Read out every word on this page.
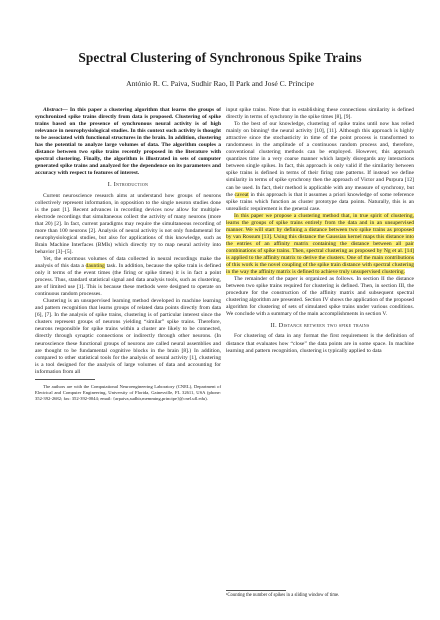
Spectral Clustering of Synchronous Spike Trains
António R. C. Paiva, Sudhir Rao, Il Park and José C. Príncipe

Abstract— In this paper a clustering algorithm that learns the groups of synchronized spike trains directly from data is proposed. Clustering of spike trains based on the presence of synchronous neural activity is of high relevance in neurophysiological studies. In this context such activity is thought to be associated with functional structures in the brain. In addition, clustering has the potential to analyze large volumes of data. The algorithm couples a distance between two spike trains recently proposed in the literature with spectral clustering. Finally, the algorithm is illustrated in sets of computer generated spike trains and analyzed for the dependence on its parameters and accuracy with respect to features of interest.

I. Introduction

Current neuroscience research aims at understand how groups of neurons collectively represent information, in opposition to the single neuron studies done is the past [1]. Recent advances in recording devices now allow for multiple-electrode recordings that simultaneous collect the activity of many neurons (more that 20) [2]. In fact, current paradigms may require the simultaneous recording of more than 100 neurons [2]. Analysis of neural activity is not only fundamental for neurophysiological studies, but also for applications of this knowledge, such as Brain Machine Interfaces (BMIs) which directly try to map neural activity into behavior [3]–[5].

Yet, the enormous volumes of data collected in neural recordings make the analysis of this data a daunting task. In addition, because the spike train is defined only it terms of the event times (the firing or spike times) it is in fact a point process. Thus, standard statistical signal and data analysis tools, such as clustering, are of limited use [1]. This is because these methods were designed to operate on continuous random processes.

Clustering is an unsupervised learning method developed in machine learning and pattern recognition that learns groups of related data points directly from data [6], [7]. In the analysis of spike trains, clustering is of particular interest since the clusters represent groups of neurons yielding “similar” spike trains. Therefore, neurons responsible for spike trains within a cluster are likely to be connected, directly through synaptic connections or indirectly through other neurons. (In neuroscience these functional groups of neurons are called neural assemblies and are thought to be fundamental cognitive blocks in the brain [8].) In addition, compared to other statistical tools for the analysis of neural activity [1], clustering is a tool designed for the analysis of large volumes of data and accounting for information from all

The authors are with the Computational Neuroengineering Laboratory (CNEL), Department of Electrical and Computer Engineering, University of Florida, Gainesville, FL 32611, USA (phone: 352-392-2682; fax: 352-392-0044; email: {arpaiva,sudhir,memming,principe}@cnel.ufl.edu).

input spike trains. Note that in establishing these connections similarity is defined directly in terms of synchrony in the spike times [8], [9].

To the best of our knowledge, clustering of spike trains until now has relied mainly on binning¹ the neural activity [10], [11]. Although this approach is highly attractive since the stochasticity in time of the point process is transformed to randomness in the amplitude of a continuous random process and, therefore, conventional clustering methods can be employed. However, this approach quantizes time in a very coarse manner which largely disregards any interactions between single spikes. In fact, this approach is only valid if the similarity between spike trains is defined in terms of their firing rate patterns. If instead we define similarity in terms of spike synchrony then the approach of Victor and Purpura [12] can be used. In fact, their method is applicable with any measure of synchrony, but the caveat in this approach is that it assumes a priori knowledge of some reference spike trains which function as cluster prototype data points. Naturally, this is an unrealistic requirement is the general case.

In this paper we propose a clustering method that, in true spirit of clustering, learns the groups of spike trains entirely from the data and in an unsupervised manner. We will start by defining a distance between two spike trains as proposed by van Rossum [13]. Using this distance the Gaussian kernel maps this distance into the entries of an affinity matrix containing the distance between all pair combinations of spike trains. Then, spectral clustering as proposed by Ng et al. [14] is applied to the affinity matrix to derive the clusters. One of the main contributions of this work is the novel coupling of the spike train distance with spectral clustering in the way the affinity matrix is defined to achieve truly unsupervised clustering.

The remainder of the paper is organized as follows. In section II the distance between two spike trains required for clustering is defined. Then, in section III, the procedure for the construction of the affinity matrix and subsequent spectral clustering algorithm are presented. Section IV shows the application of the proposed algorithm for clustering of sets of simulated spike trains under various conditions. We conclude with a summary of the main accomplishments in section V.

II. Distance between two spike trains

For clustering of data in any format the first requirement is the definition of distance that evaluates how “close” the data points are in some space. In machine learning and pattern recognition, clustering is typically applied to data

¹Counting the number of spikes in a sliding window of time.
